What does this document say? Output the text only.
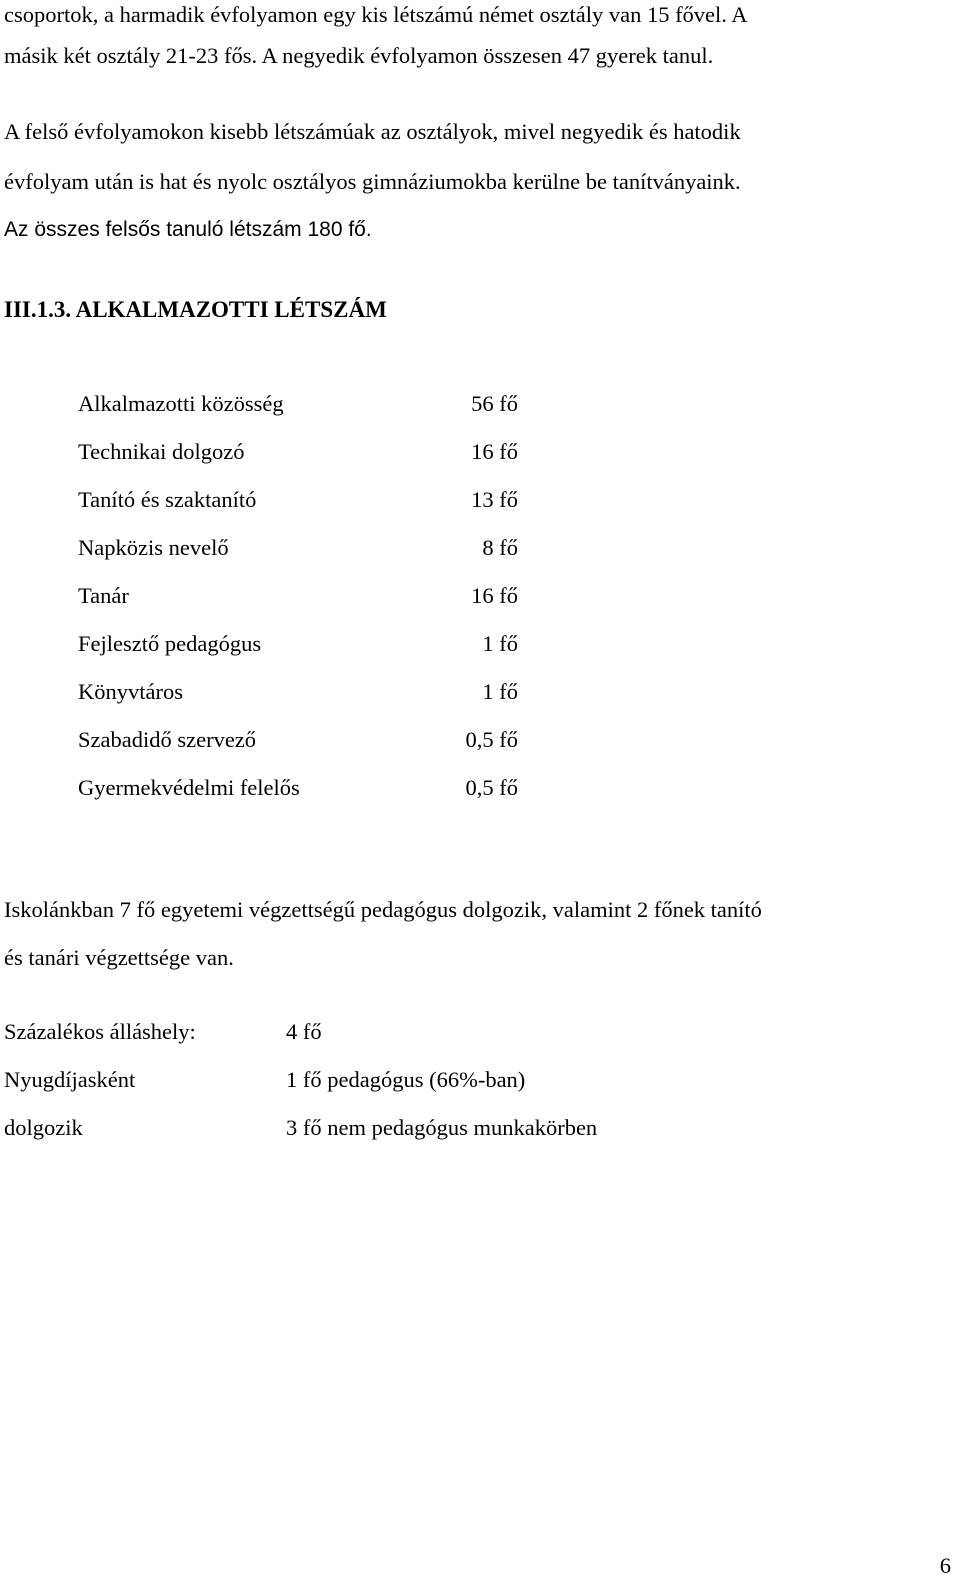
csoportok, a harmadik évfolyamon egy kis létszámú német osztály van 15 fővel. A
másik két osztály 21-23 fős. A negyedik évfolyamon összesen 47 gyerek tanul.
A felső évfolyamokon kisebb létszámúak az osztályok, mivel negyedik és hatodik
évfolyam után is hat és nyolc osztályos gimnáziumokba kerülne be tanítványaink.
Az összes felsős tanuló létszám 180 fő.
III.1.3. ALKALMAZOTTI LÉTSZÁM
Alkalmazotti közösség	56 fő
Technikai dolgozó	16 fő
Tanító és szaktanító	13 fő
Napközis nevelő	8 fő
Tanár	16 fő
Fejlesztő pedagógus	1 fő
Könyvtáros	1 fő
Szabadidő szervező	0,5 fő
Gyermekvédelmi felelős	0,5 fő
Iskolánkban 7 fő egyetemi végzettségű pedagógus dolgozik, valamint 2 főnek tanító
és tanári végzettsége van.
Százalékos álláshely:	4 fő
Nyugdíjasként	1 fő pedagógus (66%-ban)
dolgozik	3 fő nem pedagógus munkakörben
6
